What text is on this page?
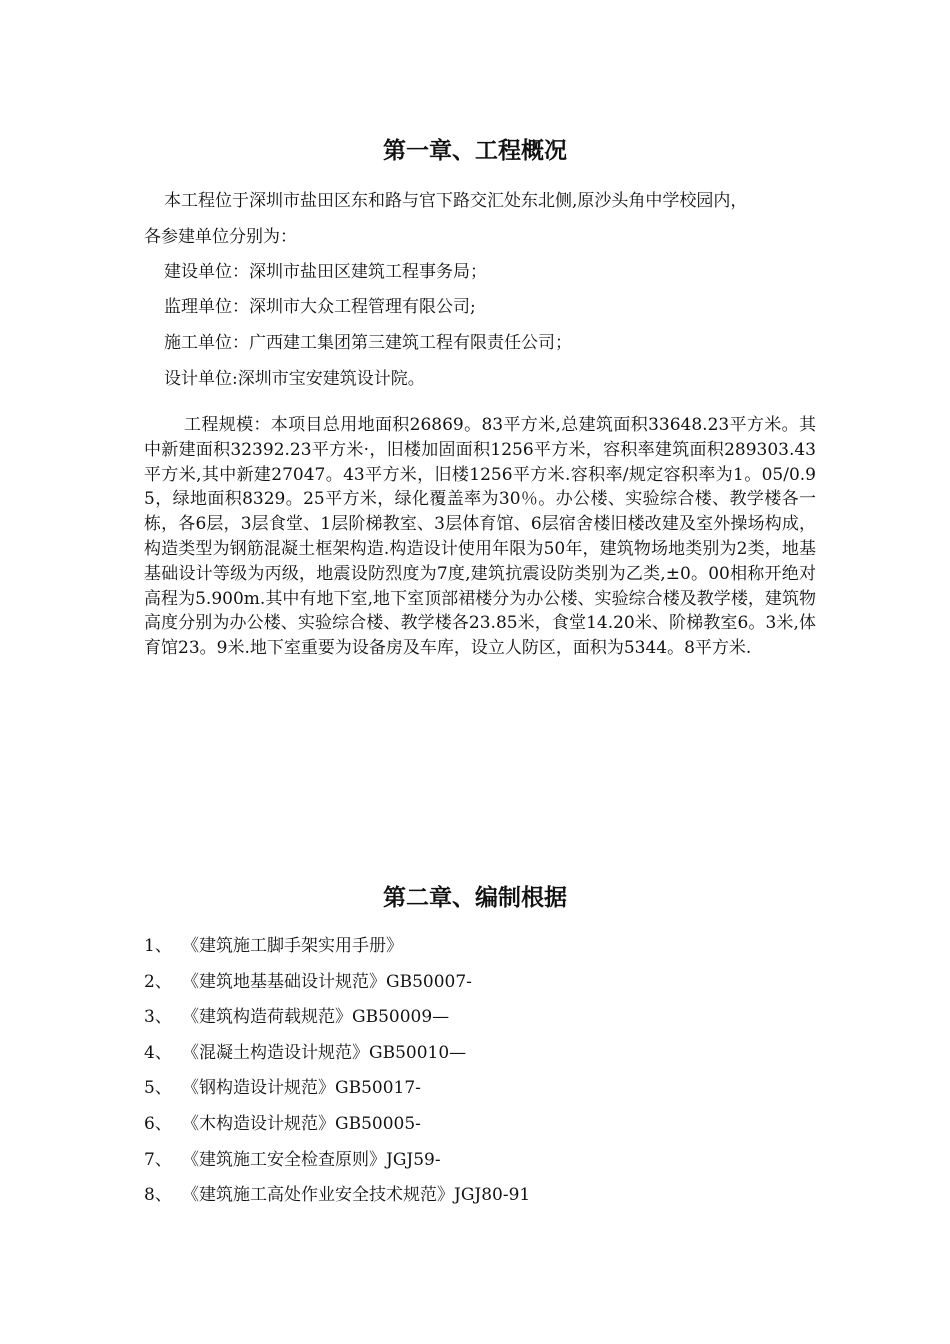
第一章、工程概况
本工程位于深圳市盐田区东和路与官下路交汇处东北侧,原沙头角中学校园内，
各参建单位分别为：
建设单位：深圳市盐田区建筑工程事务局；
监理单位：深圳市大众工程管理有限公司;
施工单位：广西建工集团第三建筑工程有限责任公司；
设计单位:深圳市宝安建筑设计院。
工程规模：本项目总用地面积26869。83平方米,总建筑面积33648.23平方米。其中新建面积32392.23平方米·，旧楼加固面积1256平方米，容积率建筑面积289303.43平方米,其中新建27047。43平方米，旧楼1256平方米.容积率/规定容积率为1。05/0.95，绿地面积8329。25平方米，绿化覆盖率为30％。办公楼、实验综合楼、教学楼各一栋，各6层，3层食堂、1层阶梯教室、3层体育馆、6层宿舍楼旧楼改建及室外操场构成，构造类型为钢筋混凝土框架构造.构造设计使用年限为50年，建筑物场地类别为2类，地基基础设计等级为丙级，地震设防烈度为7度,建筑抗震设防类别为乙类,±0。00相称开绝对高程为5.900m.其中有地下室,地下室顶部裙楼分为办公楼、实验综合楼及教学楼，建筑物高度分别为办公楼、实验综合楼、教学楼各23.85米，食堂14.20米、阶梯教室6。3米,体育馆23。9米.地下室重要为设备房及车库，设立人防区，面积为5344。8平方米.
第二章、编制根据
1、 《建筑施工脚手架实用手册》
2、 《建筑地基基础设计规范》GB50007-
3、 《建筑构造荷载规范》GB50009—
4、 《混凝土构造设计规范》GB50010—
5、 《钢构造设计规范》GB50017-
6、 《木构造设计规范》GB50005-
7、 《建筑施工安全检查原则》JGJ59-
8、 《建筑施工高处作业安全技术规范》JGJ80-91
